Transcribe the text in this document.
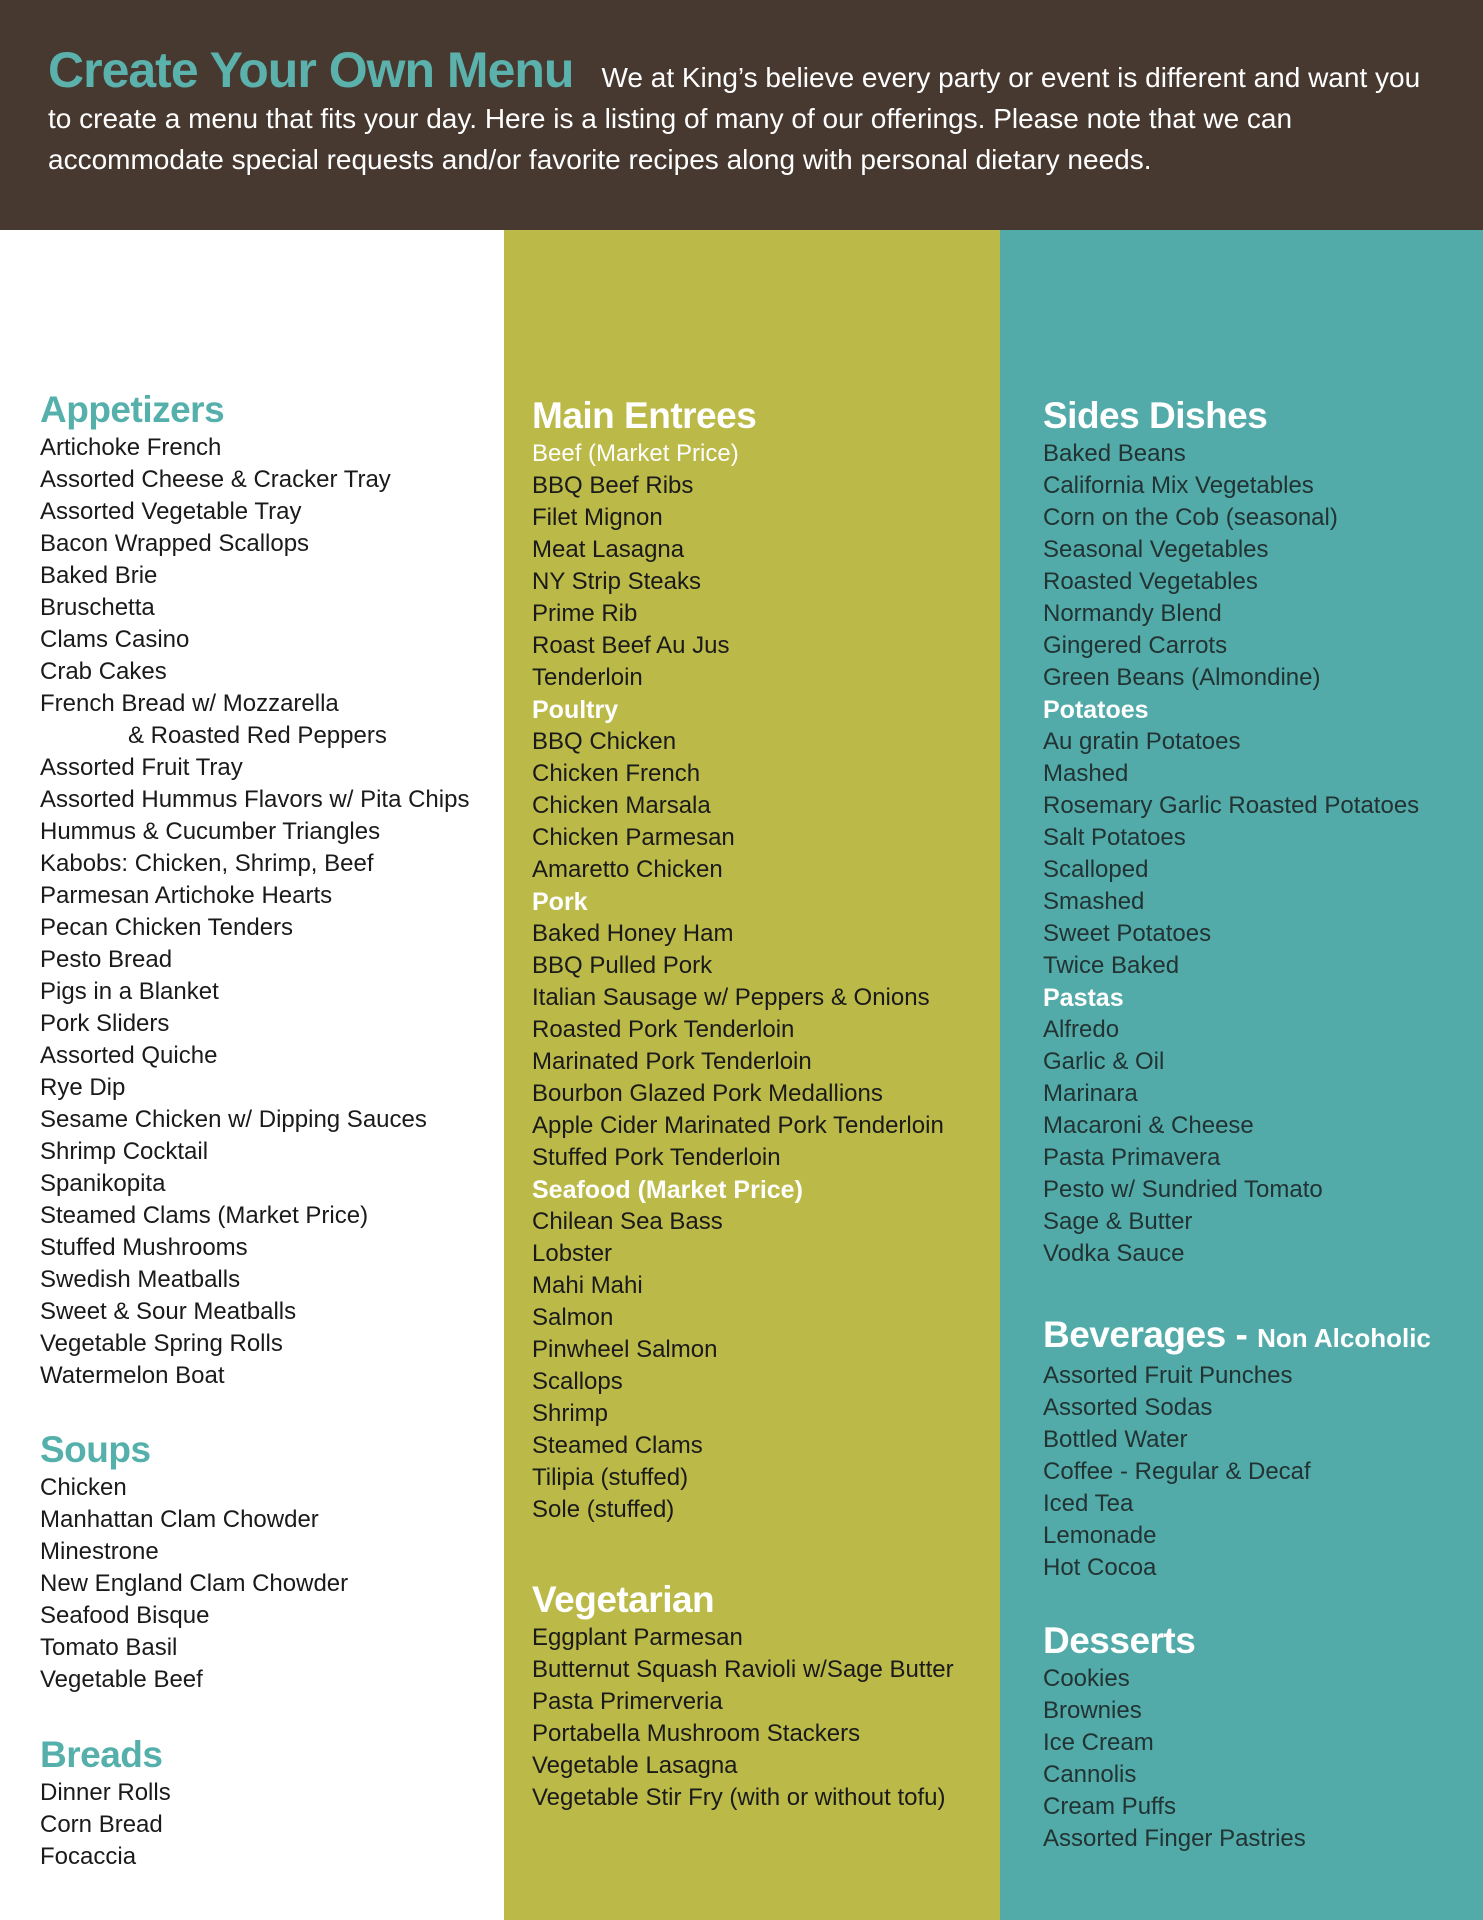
Create Your Own Menu We at King’s believe every party or event is different and want you to create a menu that fits your day. Here is a listing of many of our offerings. Please note that we can accommodate special requests and/or favorite recipes along with personal dietary needs.
Appetizers
Artichoke French
Assorted Cheese & Cracker Tray
Assorted Vegetable Tray
Bacon Wrapped Scallops
Baked Brie
Bruschetta
Clams Casino
Crab Cakes
French Bread w/ Mozzarella
& Roasted Red Peppers
Assorted Fruit Tray
Assorted Hummus Flavors w/ Pita Chips
Hummus & Cucumber Triangles
Kabobs: Chicken, Shrimp, Beef
Parmesan Artichoke Hearts
Pecan Chicken Tenders
Pesto Bread
Pigs in a Blanket
Pork Sliders
Assorted Quiche
Rye Dip
Sesame Chicken w/ Dipping Sauces
Shrimp Cocktail
Spanikopita
Steamed Clams (Market Price)
Stuffed Mushrooms
Swedish Meatballs
Sweet & Sour Meatballs
Vegetable Spring Rolls
Watermelon Boat
Soups
Chicken
Manhattan Clam Chowder
Minestrone
New England Clam Chowder
Seafood Bisque
Tomato Basil
Vegetable Beef
Breads
Dinner Rolls
Corn Bread
Focaccia
Main Entrees
Beef (Market Price)
BBQ Beef Ribs
Filet Mignon
Meat Lasagna
NY Strip Steaks
Prime Rib
Roast Beef Au Jus
Tenderloin
Poultry
BBQ Chicken
Chicken French
Chicken Marsala
Chicken Parmesan
Amaretto Chicken
Pork
Baked Honey Ham
BBQ Pulled Pork
Italian Sausage w/ Peppers & Onions
Roasted Pork Tenderloin
Marinated Pork Tenderloin
Bourbon Glazed Pork Medallions
Apple Cider Marinated Pork Tenderloin
Stuffed Pork Tenderloin
Seafood (Market Price)
Chilean Sea Bass
Lobster
Mahi Mahi
Salmon
Pinwheel Salmon
Scallops
Shrimp
Steamed Clams
Tilipia (stuffed)
Sole (stuffed)
Vegetarian
Eggplant Parmesan
Butternut Squash Ravioli w/Sage Butter
Pasta Primerveria
Portabella Mushroom Stackers
Vegetable Lasagna
Vegetable Stir Fry (with or without tofu)
Sides Dishes
Baked Beans
California Mix Vegetables
Corn on the Cob (seasonal)
Seasonal Vegetables
Roasted Vegetables
Normandy Blend
Gingered Carrots
Green Beans (Almondine)
Potatoes
Au gratin Potatoes
Mashed
Rosemary Garlic Roasted Potatoes
Salt Potatoes
Scalloped
Smashed
Sweet Potatoes
Twice Baked
Pastas
Alfredo
Garlic & Oil
Marinara
Macaroni & Cheese
Pasta Primavera
Pesto w/ Sundried Tomato
Sage & Butter
Vodka Sauce
Beverages - Non Alcoholic
Assorted Fruit Punches
Assorted Sodas
Bottled Water
Coffee - Regular & Decaf
Iced Tea
Lemonade
Hot Cocoa
Desserts
Cookies
Brownies
Ice Cream
Cannolis
Cream Puffs
Assorted Finger Pastries
